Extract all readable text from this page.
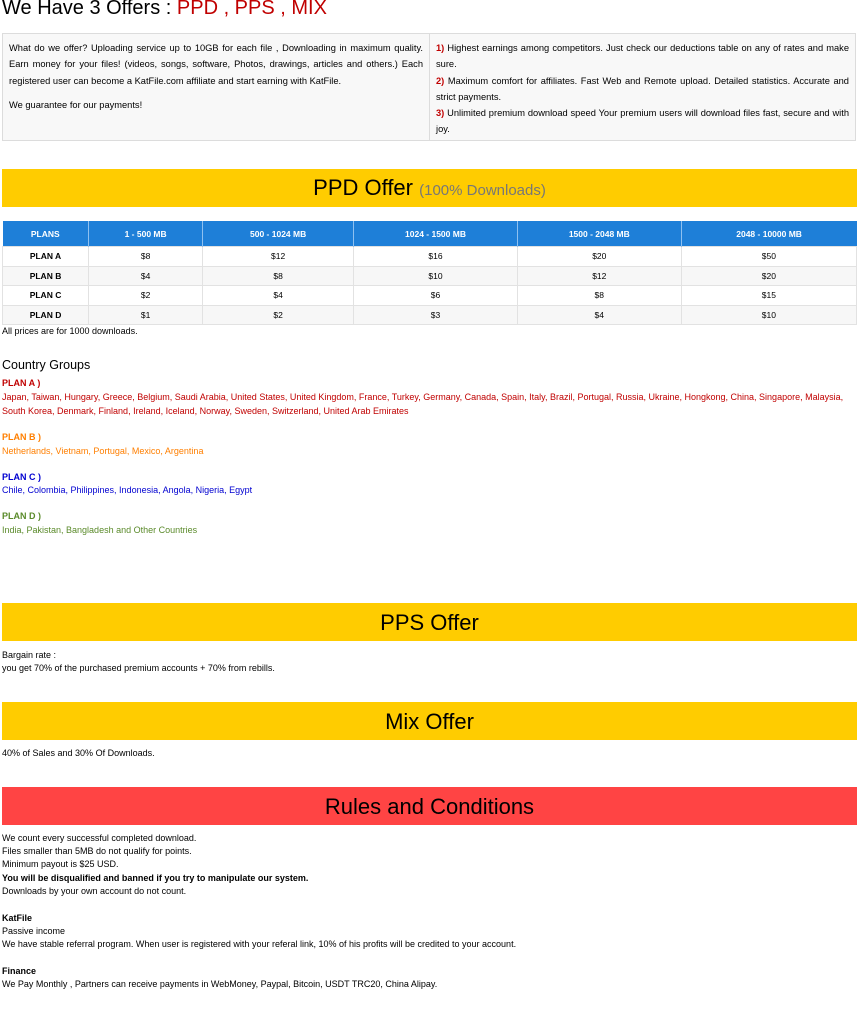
We Have 3 Offers : PPD , PPS , MIX

What do we offer? Uploading service up to 10GB for each file , Downloading in maximum quality. Earn money for your files! (videos, songs, software, Photos, drawings, articles and others.) Each registered user can become a KatFile.com affiliate and start earning with KatFile.

We guarantee for our payments!

1) Highest earnings among competitors. Just check our deductions table on any of rates and make sure.
2) Maximum comfort for affiliates. Fast Web and Remote upload. Detailed statistics. Accurate and strict payments.
3) Unlimited premium download speed Your premium users will download files fast, secure and with joy.
PPD Offer (100% Downloads)
PLANS	1 - 500 MB	500 - 1024 MB	1024 - 1500 MB	1500 - 2048 MB	2048 - 10000 MB
PLAN A	$8	$12	$16	$20	$50
PLAN B	$4	$8	$10	$12	$20
PLAN C	$2	$4	$6	$8	$15
PLAN D	$1	$2	$3	$4	$10
All prices are for 1000 downloads.
Country Groups
PLAN A )
Japan, Taiwan, Hungary, Greece, Belgium, Saudi Arabia, United States, United Kingdom, France, Turkey, Germany, Canada, Spain, Italy, Brazil, Portugal, Russia, Ukraine, Hongkong, China, Singapore, Malaysia, South Korea, Denmark, Finland, Ireland, Iceland, Norway, Sweden, Switzerland, United Arab Emirates
PLAN B )
Netherlands, Vietnam, Portugal, Mexico, Argentina
PLAN C )
Chile, Colombia, Philippines, Indonesia, Angola, Nigeria, Egypt
PLAN D )
India, Pakistan, Bangladesh and Other Countries
PPS Offer
Bargain rate :
you get 70% of the purchased premium accounts + 70% from rebills.
Mix Offer
40% of Sales and 30% Of Downloads.
Rules and Conditions
We count every successful completed download.
Files smaller than 5MB do not qualify for points.
Minimum payout is $25 USD.
You will be disqualified and banned if you try to manipulate our system.
Downloads by your own account do not count.
KatFile
Passive income
We have stable referral program. When user is registered with your referal link, 10% of his profits will be credited to your account.
Finance
We Pay Monthly , Partners can receive payments in WebMoney, Paypal, Bitcoin, USDT TRC20, China Alipay.
